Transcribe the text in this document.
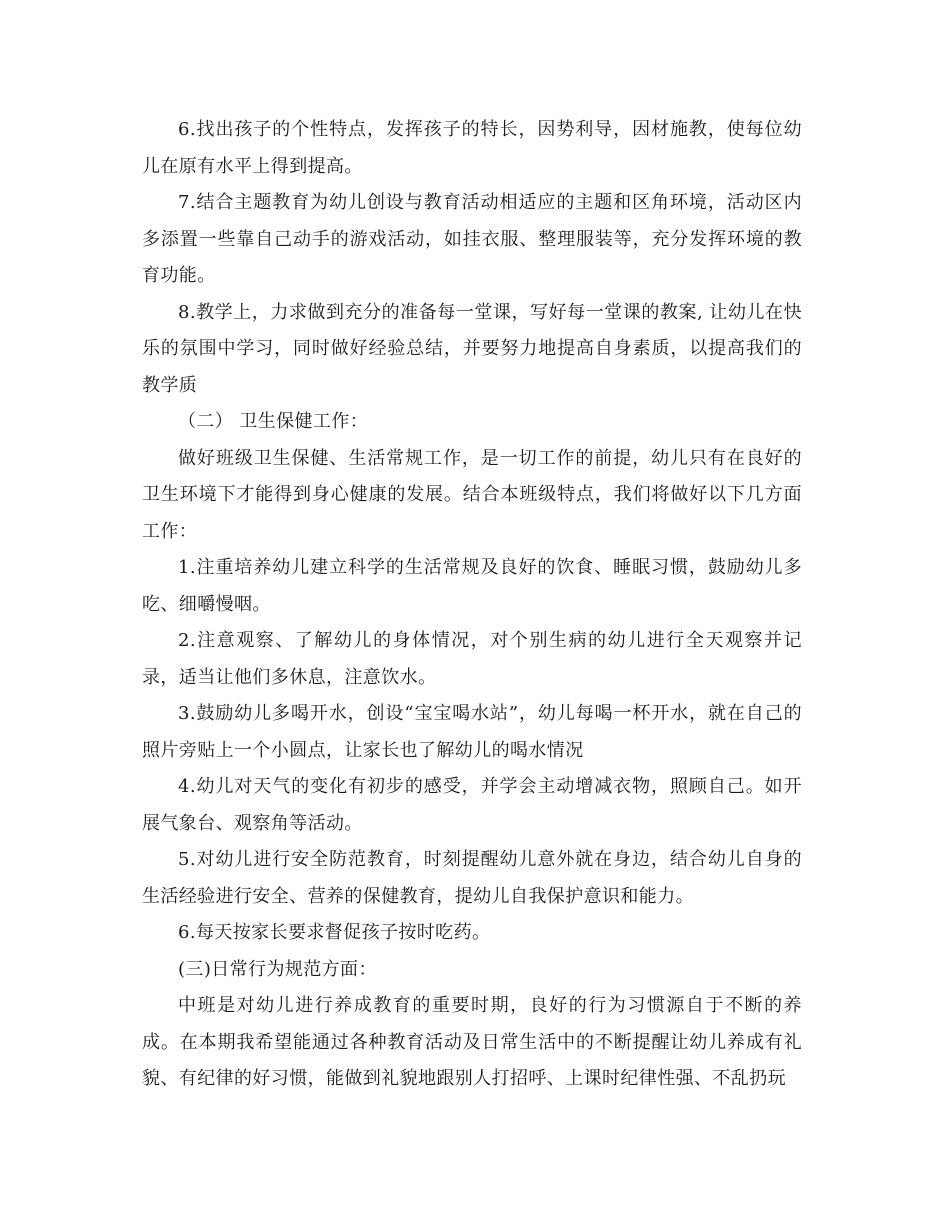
6.找出孩子的个性特点，发挥孩子的特长，因势利导，因材施教，使每位幼儿在原有水平上得到提高。

7.结合主题教育为幼儿创设与教育活动相适应的主题和区角环境，活动区内多添置一些靠自己动手的游戏活动，如挂衣服、整理服装等，充分发挥环境的教育功能。

8.教学上，力求做到充分的准备每一堂课，写好每一堂课的教案, 让幼儿在快乐的氛围中学习，同时做好经验总结，并要努力地提高自身素质，以提高我们的教学质

（二） 卫生保健工作：

做好班级卫生保健、生活常规工作，是一切工作的前提，幼儿只有在良好的卫生环境下才能得到身心健康的发展。结合本班级特点，我们将做好以下几方面工作：

1.注重培养幼儿建立科学的生活常规及良好的饮食、睡眠习惯，鼓励幼儿多吃、细嚼慢咽。

2.注意观察、了解幼儿的身体情况，对个别生病的幼儿进行全天观察并记录，适当让他们多休息，注意饮水。

3.鼓励幼儿多喝开水，创设“宝宝喝水站”，幼儿每喝一杯开水，就在自己的照片旁贴上一个小圆点，让家长也了解幼儿的喝水情况

4.幼儿对天气的变化有初步的感受，并学会主动增减衣物，照顾自己。如开展气象台、观察角等活动。

5.对幼儿进行安全防范教育，时刻提醒幼儿意外就在身边，结合幼儿自身的生活经验进行安全、营养的保健教育，提幼儿自我保护意识和能力。

6.每天按家长要求督促孩子按时吃药。

(三)日常行为规范方面：

中班是对幼儿进行养成教育的重要时期，良好的行为习惯源自于不断的养成。在本期我希望能通过各种教育活动及日常生活中的不断提醒让幼儿养成有礼貌、有纪律的好习惯，能做到礼貌地跟别人打招呼、上课时纪律性强、不乱扔玩
